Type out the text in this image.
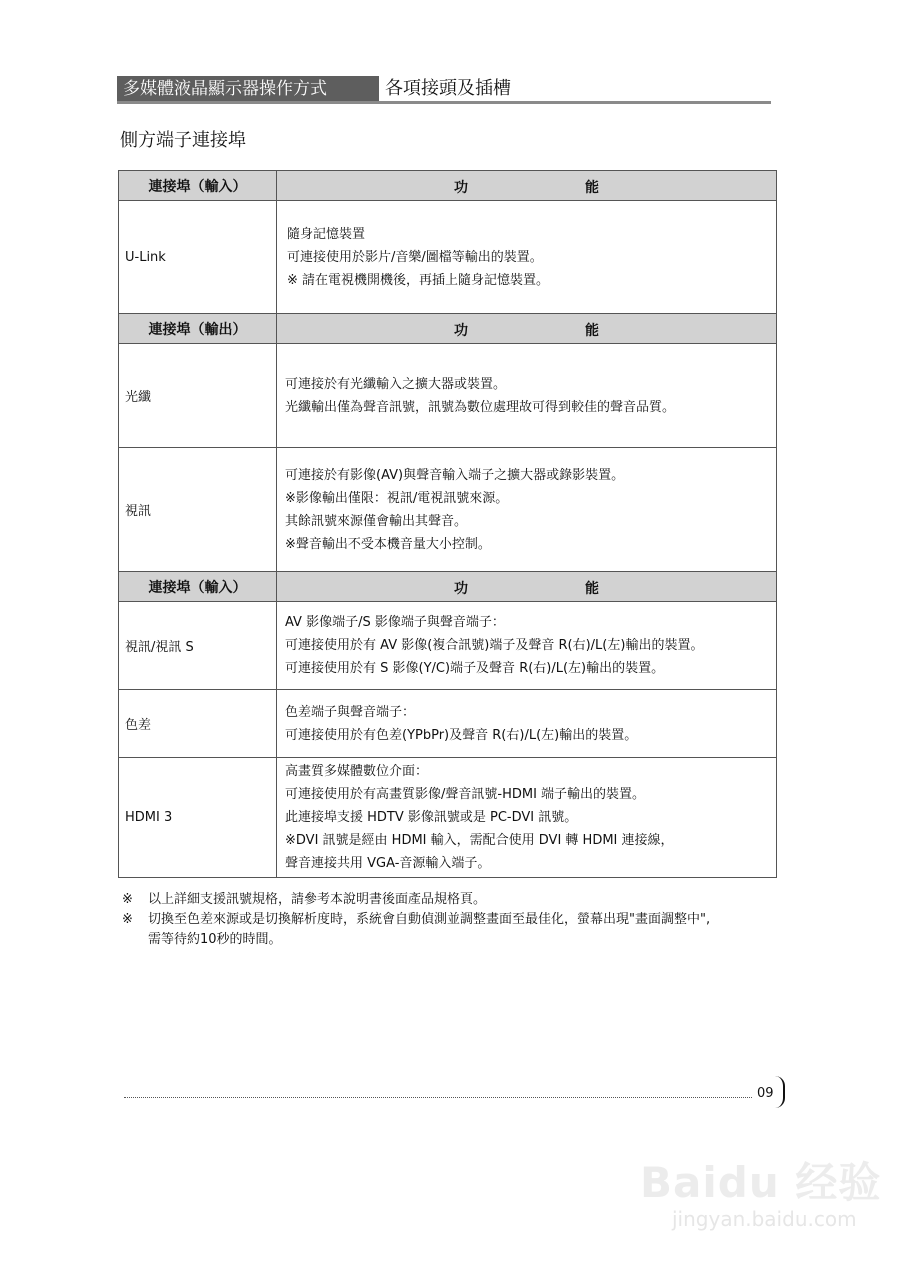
多媒體液晶顯示器操作方式	各項接頭及插槽
側方端子連接埠
連接埠（輸入）	功 能

U-Link	隨身記憶裝置
可連接使用於影片/音樂/圖檔等輸出的裝置。
※ 請在電視機開機後，再插上隨身記憶裝置。

連接埠（輸出）	功 能

光纖	可連接於有光纖輸入之擴大器或裝置。
光纖輸出僅為聲音訊號，訊號為數位處理故可得到較佳的聲音品質。

視訊	可連接於有影像(AV)與聲音輸入端子之擴大器或錄影裝置。
※影像輸出僅限：視訊/電視訊號來源。
其餘訊號來源僅會輸出其聲音。
※聲音輸出不受本機音量大小控制。

連接埠（輸入）	功 能

視訊/視訊 S	AV 影像端子/S 影像端子與聲音端子：
可連接使用於有 AV 影像(複合訊號)端子及聲音 R(右)/L(左)輸出的裝置。
可連接使用於有 S 影像(Y/C)端子及聲音 R(右)/L(左)輸出的裝置。

色差	色差端子與聲音端子：
可連接使用於有色差(YPbPr)及聲音 R(右)/L(左)輸出的裝置。

HDMI 3	高畫質多媒體數位介面：
可連接使用於有高畫質影像/聲音訊號-HDMI 端子輸出的裝置。
此連接埠支援 HDTV 影像訊號或是 PC-DVI 訊號。
※DVI 訊號是經由 HDMI 輸入，需配合使用 DVI 轉 HDMI 連接線，
聲音連接共用 VGA-音源輸入端子。
※	以上詳細支援訊號規格，請參考本說明書後面產品規格頁。
※	切換至色差來源或是切換解析度時，系統會自動偵測並調整畫面至最佳化，螢幕出現"畫面調整中",
需等待約10秒的時間。
09
Baidu 经验
jingyan.baidu.com
